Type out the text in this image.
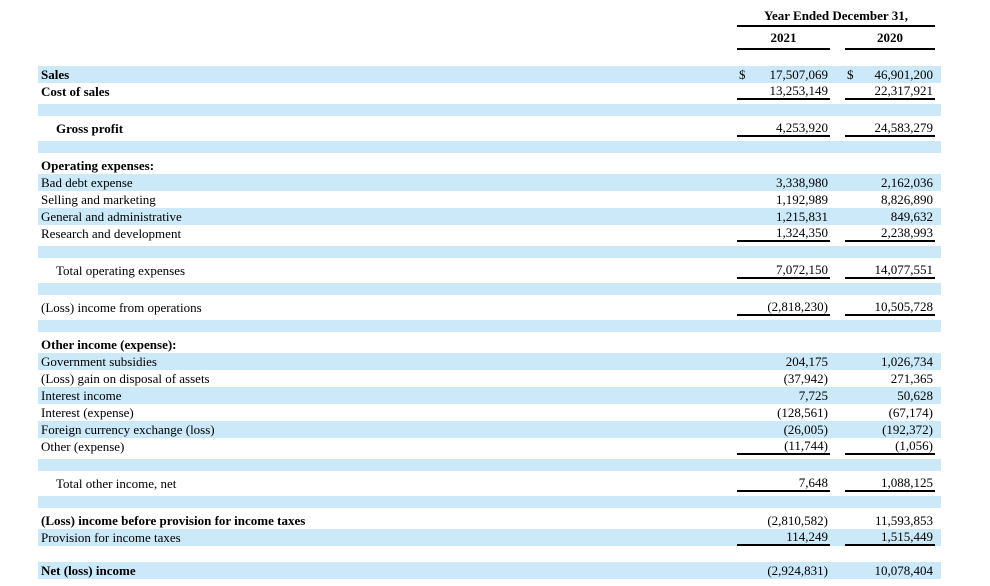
Year Ended December 31,
2021	2020
Sales	$ 17,507,069 $ 46,901,200
Cost of sales	13,253,149	22,317,921
Gross profit	4,253,920	24,583,279
Operating expenses:
Bad debt expense	3,338,980	2,162,036
Selling and marketing	1,192,989	8,826,890
General and administrative	1,215,831	849,632
Research and development	1,324,350	2,238,993
Total operating expenses	7,072,150	14,077,551
(Loss) income from operations	(2,818,230)	10,505,728
Other income (expense):
Government subsidies	204,175	1,026,734
(Loss) gain on disposal of assets	(37,942)	271,365
Interest income	7,725	50,628
Interest (expense)	(128,561)	(67,174)
Foreign currency exchange (loss)	(26,005)	(192,372)
Other (expense)	(11,744)	(1,056)
Total other income, net	7,648	1,088,125
(Loss) income before provision for income taxes	(2,810,582)	11,593,853
Provision for income taxes	114,249	1,515,449
Net (loss) income	(2,924,831)	10,078,404
